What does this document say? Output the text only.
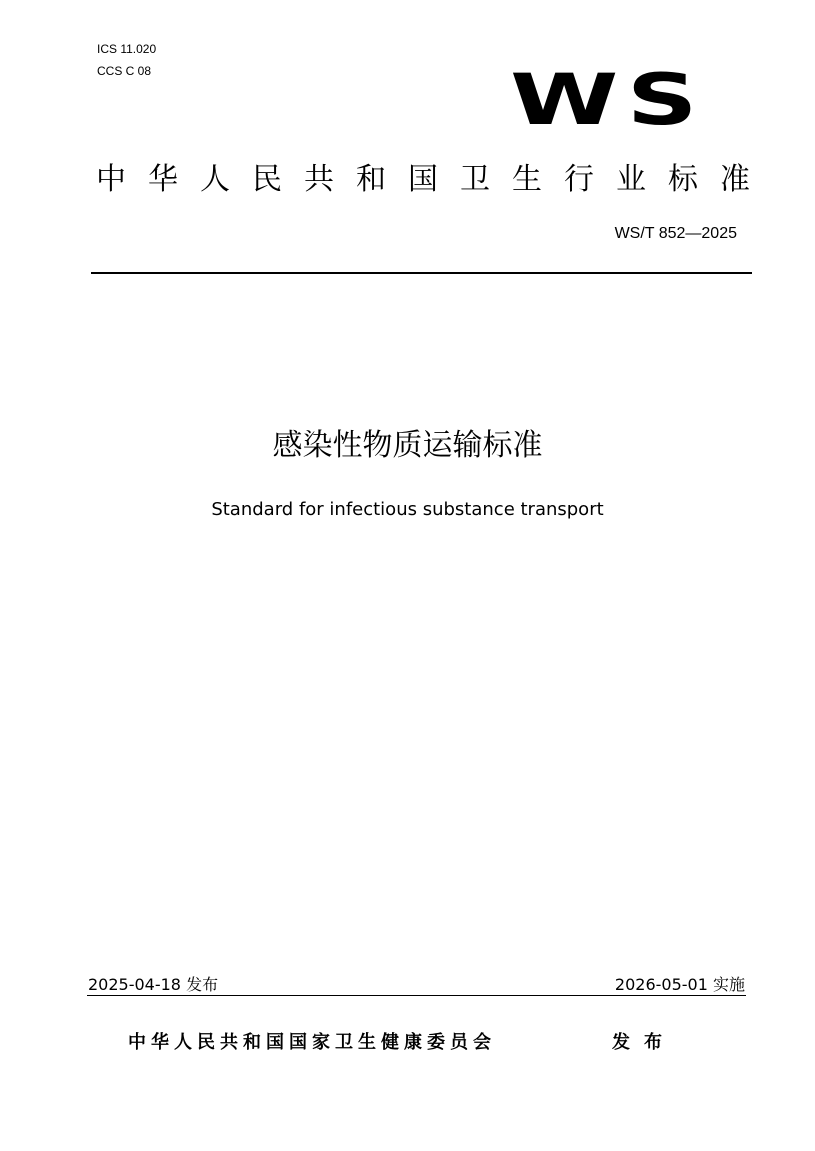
ICS 11.020
CCS C 08	WS
中华人民共和国卫生行业标准
WS/T 852—2025
感染性物质运输标准
Standard for infectious substance transport
2025-04-18 发布	2026-05-01 实施
中华人民共和国国家卫生健康委员会	发布
